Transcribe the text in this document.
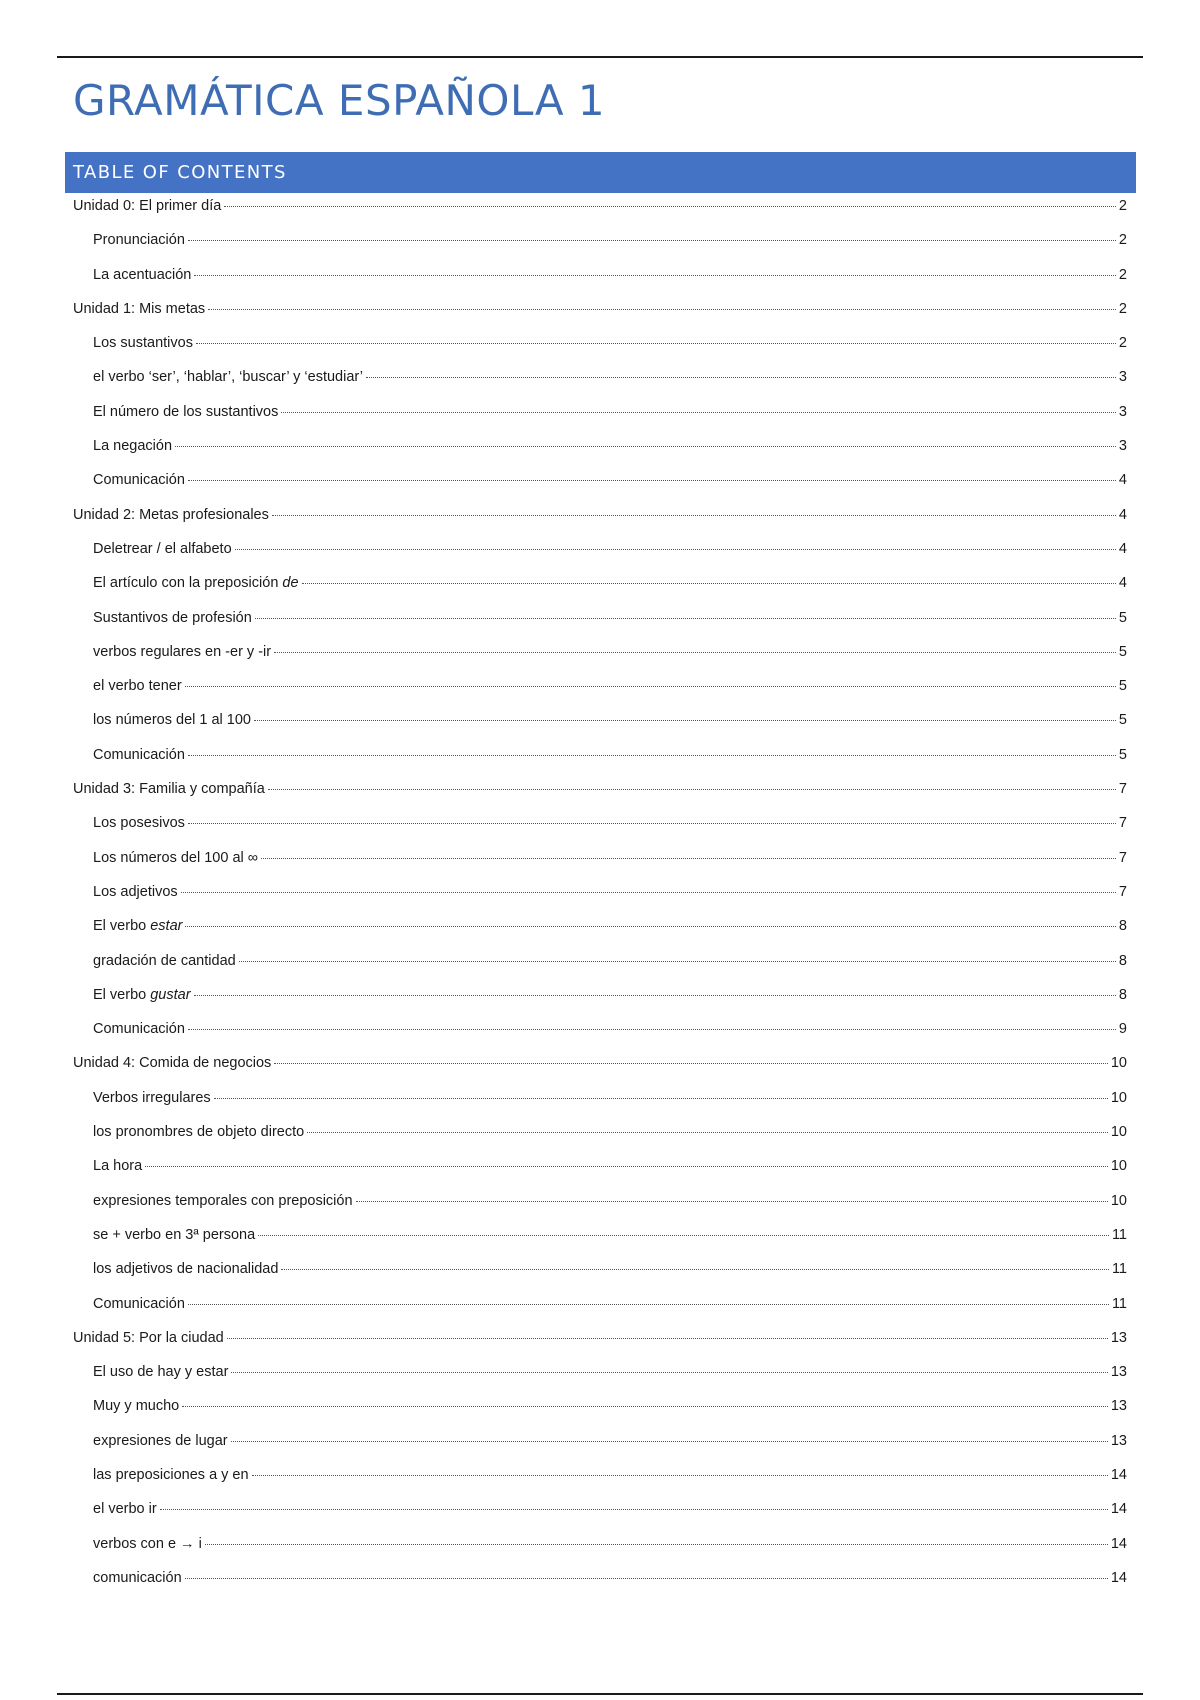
GRAMÁTICA ESPAÑOLA 1
TABLE OF CONTENTS
Unidad 0: El primer día	2
Pronunciación	2
La acentuación	2
Unidad 1: Mis metas	2
Los sustantivos	2
el verbo ‘ser’, ‘hablar’, ‘buscar’ y ‘estudiar’	3
El número de los sustantivos	3
La negación	3
Comunicación	4
Unidad 2: Metas profesionales	4
Deletrear / el alfabeto	4
El artículo con la preposición de	4
Sustantivos de profesión	5
verbos regulares en -er y -ir	5
el verbo tener	5
los números del 1 al 100	5
Comunicación	5
Unidad 3: Familia y compañía	7
Los posesivos	7
Los números del 100 al ∞	7
Los adjetivos	7
El verbo estar	8
gradación de cantidad	8
El verbo gustar	8
Comunicación	9
Unidad 4: Comida de negocios	10
Verbos irregulares	10
los pronombres de objeto directo	10
La hora	10
expresiones temporales con preposición	10
se + verbo en 3ª persona	11
los adjetivos de nacionalidad	11
Comunicación	11
Unidad 5: Por la ciudad	13
El uso de hay y estar	13
Muy y mucho	13
expresiones de lugar	13
las preposiciones a y en	14
el verbo ir	14
verbos con e → i	14
comunicación	14
